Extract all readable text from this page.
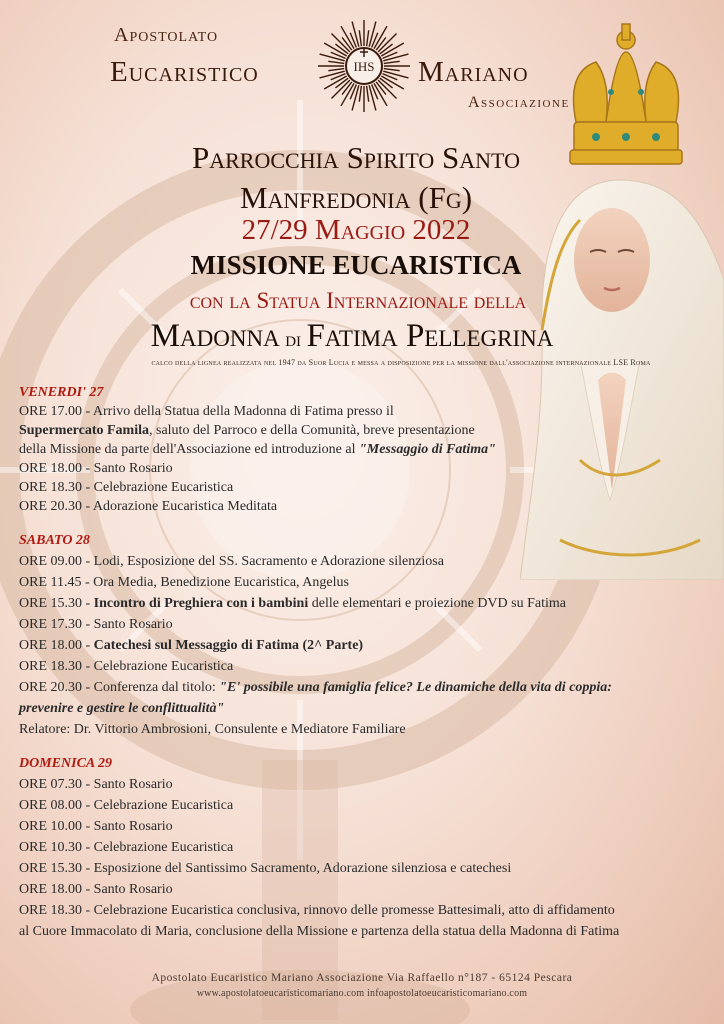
Apostolato
Eucaristico	IHS Mariano
Associazione
Parrocchia Spirito Santo
Manfredonia (Fg)
27/29 Maggio 2022
MISSIONE EUCARISTICA
con la Statua Internazionale della
Madonna di Fatima Pellegrina
calco della lignea realizzata nel 1947 da Suor Lucia e messa a disposizione per la missione dall'associazione internazionale LSE Roma
VENERDI' 27
ORE 17.00 - Arrivo della Statua della Madonna di Fatima presso il
Supermercato Famila, saluto del Parroco e della Comunità, breve presentazione
della Missione da parte dell'Associazione ed introduzione al "Messaggio di Fatima"
ORE 18.00 - Santo Rosario
ORE 18.30 - Celebrazione Eucaristica
ORE 20.30 - Adorazione Eucaristica Meditata
SABATO 28
ORE 09.00 - Lodi, Esposizione del SS. Sacramento e Adorazione silenziosa
ORE 11.45 - Ora Media, Benedizione Eucaristica, Angelus
ORE 15.30 - Incontro di Preghiera con i bambini delle elementari e proiezione DVD su Fatima
ORE 17.30 - Santo Rosario
ORE 18.00 - Catechesi sul Messaggio di Fatima (2^ Parte)
ORE 18.30 - Celebrazione Eucaristica
ORE 20.30 - Conferenza dal titolo: "E' possibile una famiglia felice? Le dinamiche della vita di coppia:
prevenire e gestire le conflittualità"
Relatore: Dr. Vittorio Ambrosioni, Consulente e Mediatore Familiare
DOMENICA 29
ORE 07.30 - Santo Rosario
ORE 08.00 - Celebrazione Eucaristica
ORE 10.00 - Santo Rosario
ORE 10.30 - Celebrazione Eucaristica
ORE 15.30 - Esposizione del Santissimo Sacramento, Adorazione silenziosa e catechesi
ORE 18.00 - Santo Rosario
ORE 18.30 - Celebrazione Eucaristica conclusiva, rinnovo delle promesse Battesimali, atto di affidamento
al Cuore Immacolato di Maria, conclusione della Missione e partenza della statua della Madonna di Fatima
Apostolato Eucaristico Mariano Associazione Via Raffaello n°187 - 65124 Pescara
www.apostolatoeucaristicomariano.com infoapostolatoeucaristicomariano.com
